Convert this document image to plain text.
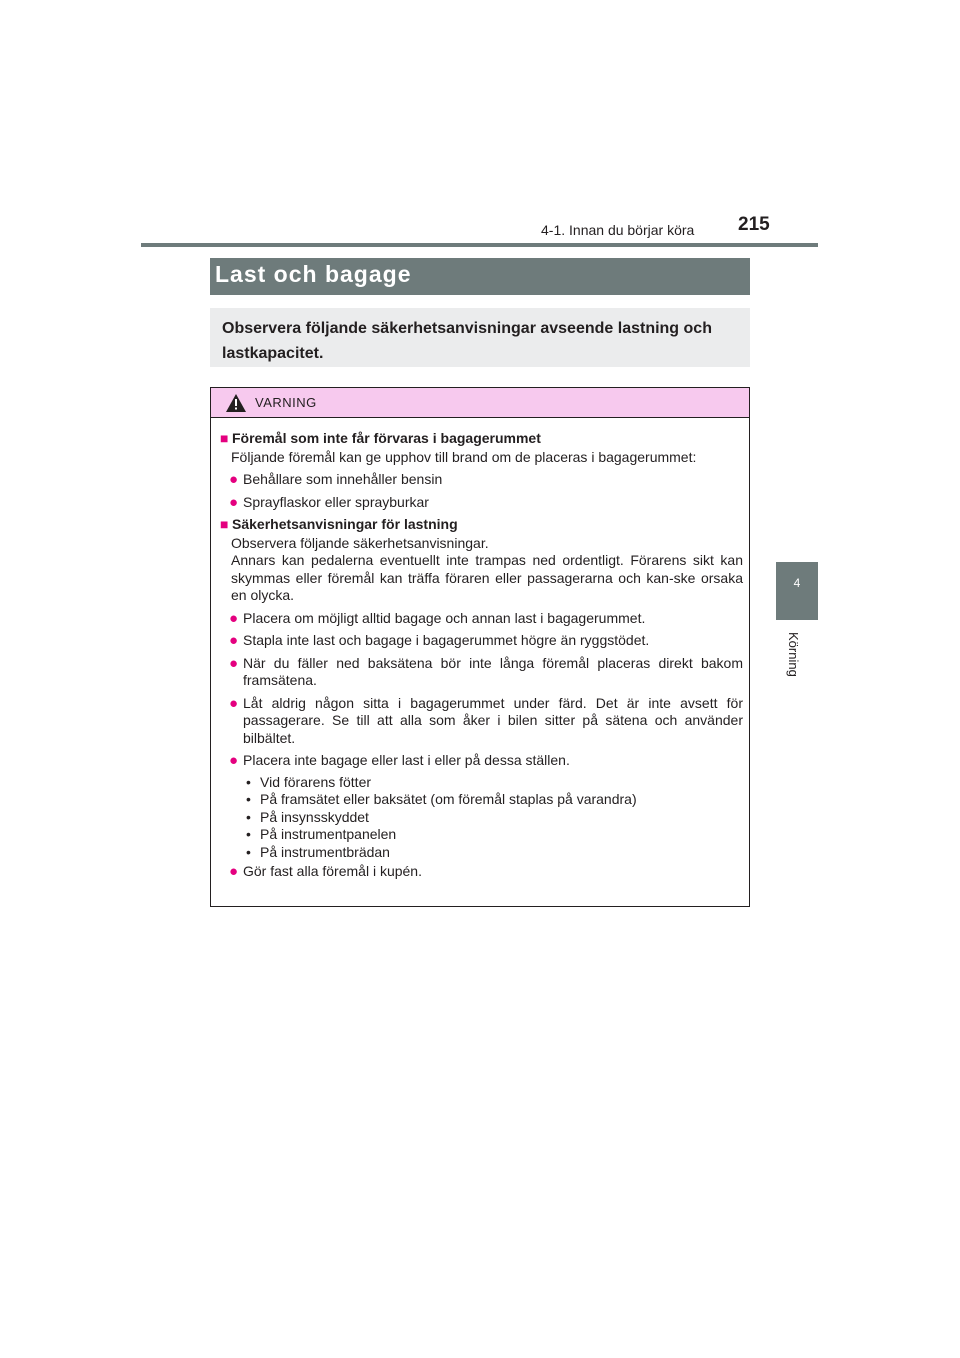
4-1. Innan du börjar köra 215
4
Körning
Last och bagage
Observera följande säkerhetsanvisningar avseende lastning och lastkapacitet.
VARNING
■ Föremål som inte får förvaras i bagagerummet
Följande föremål kan ge upphov till brand om de placeras i bagagerummet:
● Behållare som innehåller bensin
● Sprayflaskor eller sprayburkar
■ Säkerhetsanvisningar för lastning
Observera följande säkerhetsanvisningar.
Annars kan pedalerna eventuellt inte trampas ned ordentligt. Förarens sikt kan skymmas eller föremål kan träffa föraren eller passagerarna och kan-ske orsaka en olycka.
● Placera om möjligt alltid bagage och annan last i bagagerummet.
● Stapla inte last och bagage i bagagerummet högre än ryggstödet.
● När du fäller ned baksätena bör inte långa föremål placeras direkt bakom framsätena.
● Låt aldrig någon sitta i bagagerummet under färd. Det är inte avsett för passagerare. Se till att alla som åker i bilen sitter på sätena och använder bilbältet.
● Placera inte bagage eller last i eller på dessa ställen.
• Vid förarens fötter
• På framsätet eller baksätet (om föremål staplas på varandra)
• På insynsskyddet
• På instrumentpanelen
• På instrumentbrädan
● Gör fast alla föremål i kupén.
